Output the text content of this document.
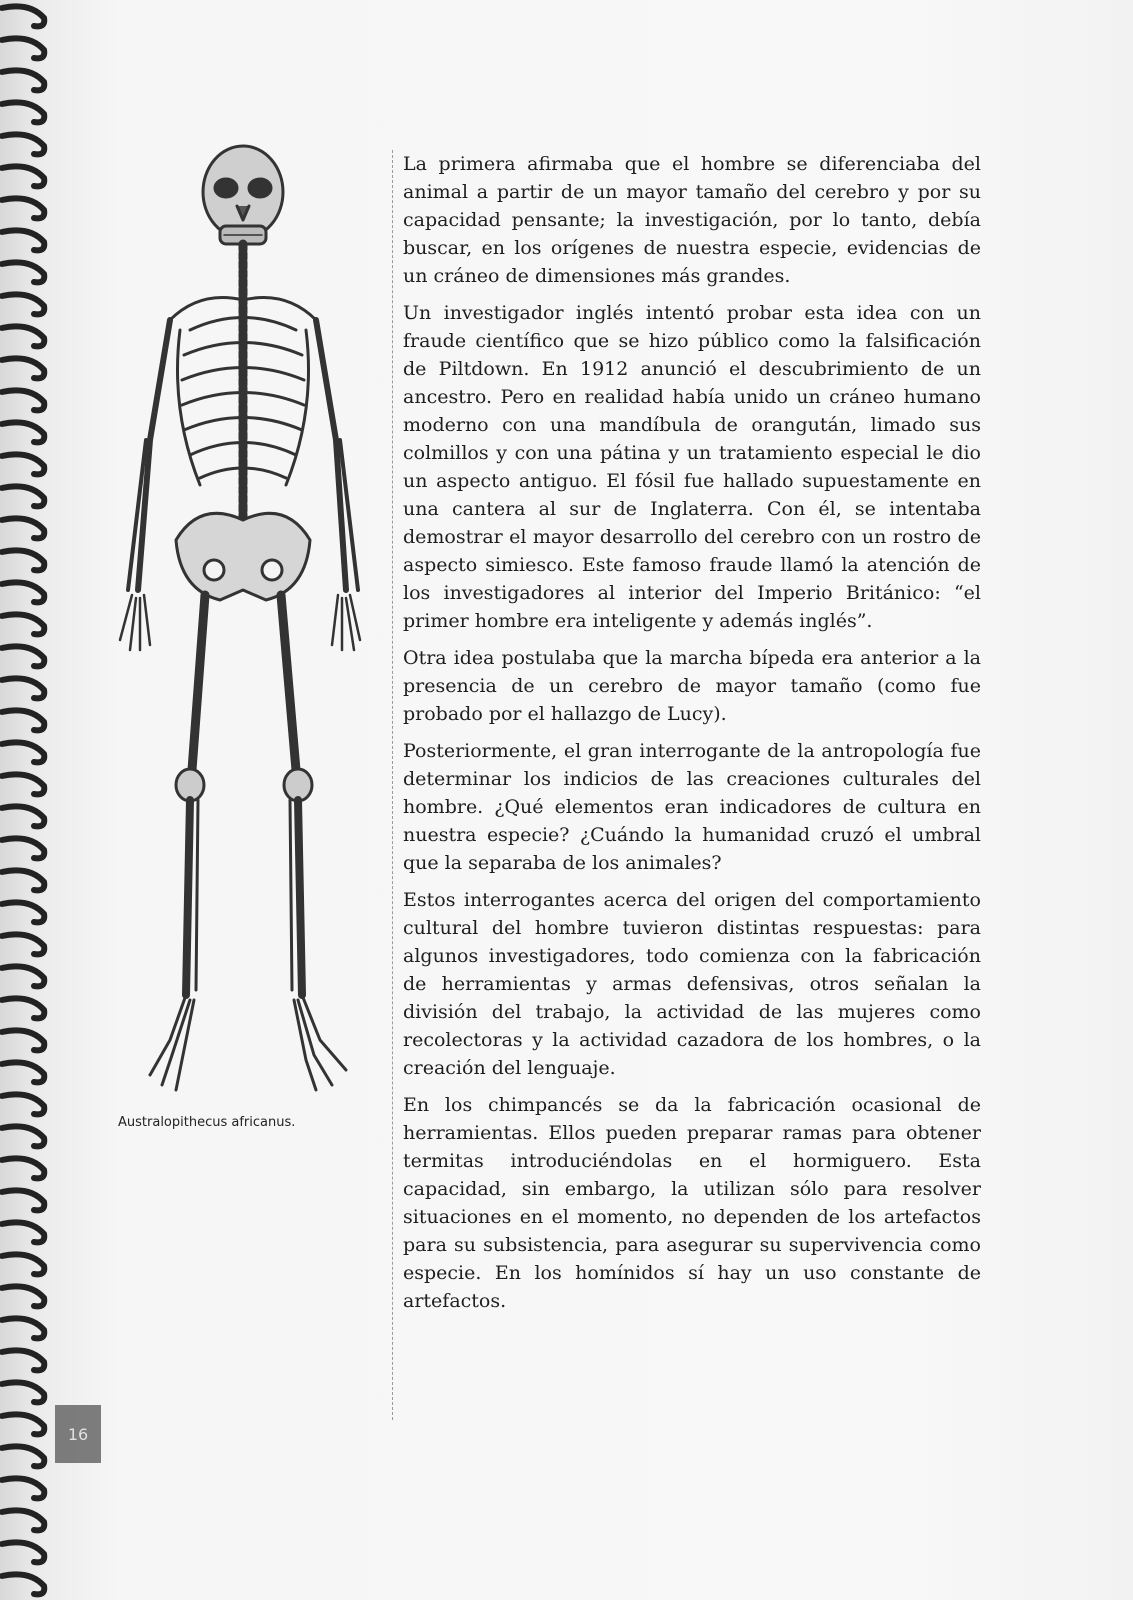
Australopithecus africanus.

La primera afirmaba que el hombre se diferenciaba del animal a partir de un mayor tamaño del cerebro y por su capacidad pensante; la investigación, por lo tanto, debía buscar, en los orígenes de nuestra especie, evidencias de un cráneo de dimensiones más grandes.

Un investigador inglés intentó probar esta idea con un fraude científico que se hizo público como la falsificación de Piltdown. En 1912 anunció el descubrimiento de un ancestro. Pero en realidad había unido un cráneo humano moderno con una mandíbula de orangután, limado sus colmillos y con una pátina y un tratamiento especial le dio un aspecto antiguo. El fósil fue hallado supuestamente en una cantera al sur de Inglaterra. Con él, se intentaba demostrar el mayor desarrollo del cerebro con un rostro de aspecto simiesco. Este famoso fraude llamó la atención de los investigadores al interior del Imperio Británico: “el primer hombre era inteligente y además inglés”.

Otra idea postulaba que la marcha bípeda era anterior a la presencia de un cerebro de mayor tamaño (como fue probado por el hallazgo de Lucy).

Posteriormente, el gran interrogante de la antropología fue determinar los indicios de las creaciones culturales del hombre. ¿Qué elementos eran indicadores de cultura en nuestra especie? ¿Cuándo la humanidad cruzó el umbral que la separaba de los animales?

Estos interrogantes acerca del origen del comportamiento cultural del hombre tuvieron distintas respuestas: para algunos investigadores, todo comienza con la fabricación de herramientas y armas defensivas, otros señalan la división del trabajo, la actividad de las mujeres como recolectoras y la actividad cazadora de los hombres, o la creación del lenguaje.

En los chimpancés se da la fabricación ocasional de herramientas. Ellos pueden preparar ramas para obtener termitas introduciéndolas en el hormiguero. Esta capacidad, sin embargo, la utilizan sólo para resolver situaciones en el momento, no dependen de los artefactos para su subsistencia, para asegurar su supervivencia como especie. En los homínidos sí hay un uso constante de artefactos.

16
